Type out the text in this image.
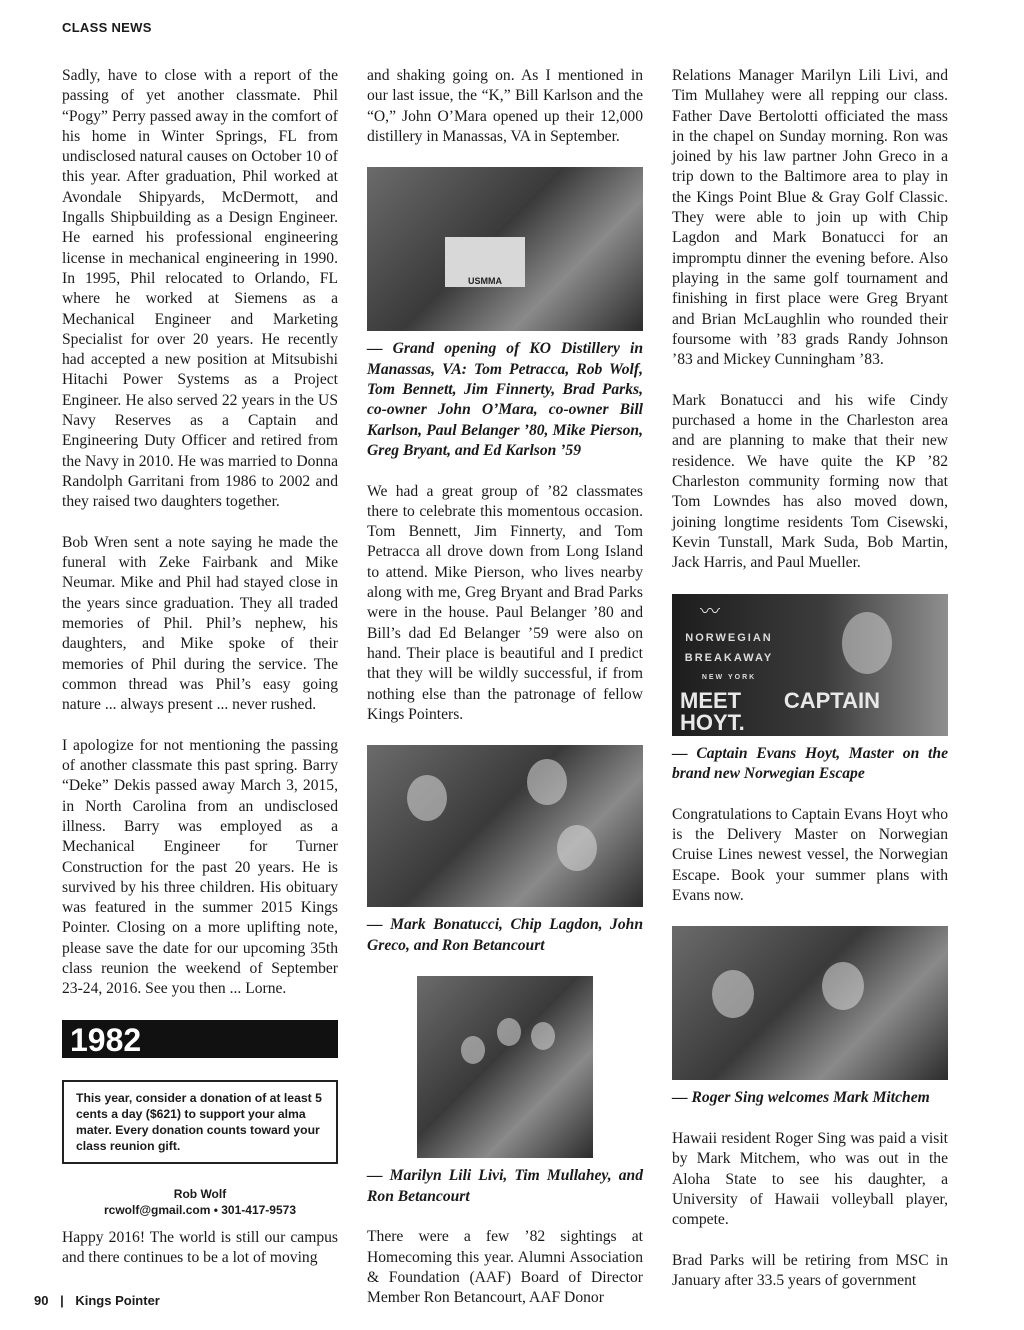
CLASS NEWS

Sadly, have to close with a report of the passing of yet another classmate. Phil “Pogy” Perry passed away in the comfort of his home in Winter Springs, FL from undisclosed natural causes on October 10 of this year. After graduation, Phil worked at Avondale Shipyards, McDermott, and Ingalls Shipbuilding as a Design Engineer. He earned his professional engineering license in mechanical engineering in 1990. In 1995, Phil relocated to Orlando, FL where he worked at Siemens as a Mechanical Engineer and Marketing Specialist for over 20 years. He recently had accepted a new position at Mitsubishi Hitachi Power Systems as a Project Engineer. He also served 22 years in the US Navy Reserves as a Captain and Engineering Duty Officer and retired from the Navy in 2010. He was married to Donna Randolph Garritani from 1986 to 2002 and they raised two daughters together.

Bob Wren sent a note saying he made the funeral with Zeke Fairbank and Mike Neumar. Mike and Phil had stayed close in the years since graduation. They all traded memories of Phil. Phil’s nephew, his daughters, and Mike spoke of their memories of Phil during the service. The common thread was Phil’s easy going nature ... always present ... never rushed.

I apologize for not mentioning the passing of another classmate this past spring. Barry “Deke” Dekis passed away March 3, 2015, in North Carolina from an undisclosed illness. Barry was employed as a Mechanical Engineer for Turner Construction for the past 20 years. He is survived by his three children. His obituary was featured in the summer 2015 Kings Pointer. Closing on a more uplifting note, please save the date for our upcoming 35th class reunion the weekend of September 23-24, 2016. See you then ... Lorne.

1982
This year, consider a donation of at least 5 cents a day ($621) to support your alma mater. Every donation counts toward your class reunion gift.
Rob Wolf
rcwolf@gmail.com • 301-417-9573

Happy 2016! The world is still our campus and there continues to be a lot of moving

and shaking going on. As I mentioned in our last issue, the “K,” Bill Karlson and the “O,” John O’Mara opened up their 12,000 distillery in Manassas, VA in September.

USMMA
— Grand opening of KO Distillery in Manassas, VA: Tom Petracca, Rob Wolf, Tom Bennett, Jim Finnerty, Brad Parks, co-owner John O’Mara, co-owner Bill Karlson, Paul Belanger ’80, Mike Pierson, Greg Bryant, and Ed Karlson ’59

We had a great group of ’82 classmates there to celebrate this momentous occasion. Tom Bennett, Jim Finnerty, and Tom Petracca all drove down from Long Island to attend. Mike Pierson, who lives nearby along with me, Greg Bryant and Brad Parks were in the house. Paul Belanger ’80 and Bill’s dad Ed Belanger ’59 were also on hand. Their place is beautiful and I predict that they will be wildly successful, if from nothing else than the patronage of fellow Kings Pointers.

— Mark Bonatucci, Chip Lagdon, John Greco, and Ron Betancourt
— Marilyn Lili Livi, Tim Mullahey, and Ron Betancourt

There were a few ’82 sightings at Homecoming this year. Alumni Association & Foundation (AAF) Board of Director Member Ron Betancourt, AAF Donor

Relations Manager Marilyn Lili Livi, and Tim Mullahey were all repping our class. Father Dave Bertolotti officiated the mass in the chapel on Sunday morning. Ron was joined by his law partner John Greco in a trip down to the Baltimore area to play in the Kings Point Blue & Gray Golf Classic. They were able to join up with Chip Lagdon and Mark Bonatucci for an impromptu dinner the evening before. Also playing in the same golf tournament and finishing in first place were Greg Bryant and Brian McLaughlin who rounded their foursome with ’83 grads Randy Johnson ’83 and Mickey Cunningham ’83.

Mark Bonatucci and his wife Cindy purchased a home in the Charleston area and are planning to make that their new residence. We have quite the KP ’82 Charleston community forming now that Tom Lowndes has also moved down, joining longtime residents Tom Cisewski, Kevin Tunstall, Mark Suda, Bob Martin, Jack Harris, and Paul Mueller.

〰
NORWEGIAN BREAKAWAY
NEW YORK
MEET CAPTAIN HOYT.
— Captain Evans Hoyt, Master on the brand new Norwegian Escape

Congratulations to Captain Evans Hoyt who is the Delivery Master on Norwegian Cruise Lines newest vessel, the Norwegian Escape. Book your summer plans with Evans now.

— Roger Sing welcomes Mark Mitchem

Hawaii resident Roger Sing was paid a visit by Mark Mitchem, who was out in the Aloha State to see his daughter, a University of Hawaii volleyball player, compete.

Brad Parks will be retiring from MSC in January after 33.5 years of government

90 | Kings Pointer
